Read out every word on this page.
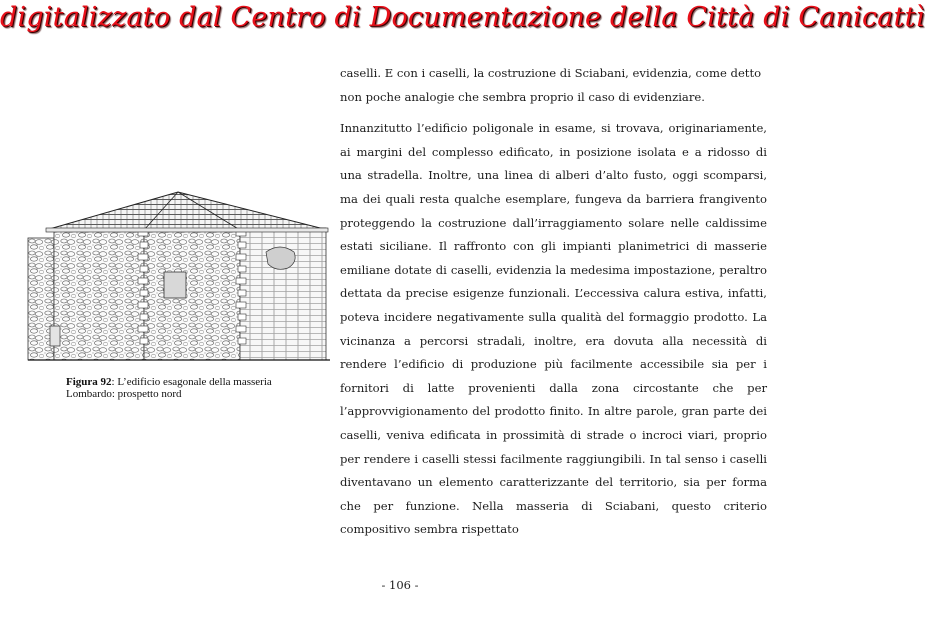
digitalizzato dal Centro di Documentazione della Città di Canicattì
Figura 92: L’edificio esagonale della masseria Lombardo: prospetto nord

caselli. E con i caselli, la costruzione di Sciabani, evidenzia, come detto non poche analogie che sembra proprio il caso di evidenziare.

Innanzitutto l’edificio poligonale in esame, si trovava, originariamente, ai margini del complesso edificato, in posizione isolata e a ridosso di una stradella. Inoltre, una linea di alberi d’alto fusto, oggi scomparsi, ma dei quali resta qualche esemplare, fungeva da barriera frangivento proteggendo la costruzione dall’irraggiamento solare nelle caldissime estati siciliane. Il raffronto con gli impianti planimetrici di masserie emiliane dotate di caselli, evidenzia la medesima impostazione, peraltro dettata da precise esigenze funzionali. L’eccessiva calura estiva, infatti, poteva incidere negativamente sulla qualità del formaggio prodotto. La vicinanza a percorsi stradali, inoltre, era dovuta alla necessità di rendere l’edificio di produzione più facilmente accessibile sia per i fornitori di latte provenienti dalla zona circostante che per l’approvvigionamento del prodotto finito. In altre parole, gran parte dei caselli, veniva edificata in prossimità di strade o incroci viari, proprio per rendere i caselli stessi facilmente raggiungibili. In tal senso i caselli diventavano un elemento caratterizzante del territorio, sia per forma che per funzione. Nella masseria di Sciabani, questo criterio compositivo sembra rispettato

- 106 -
